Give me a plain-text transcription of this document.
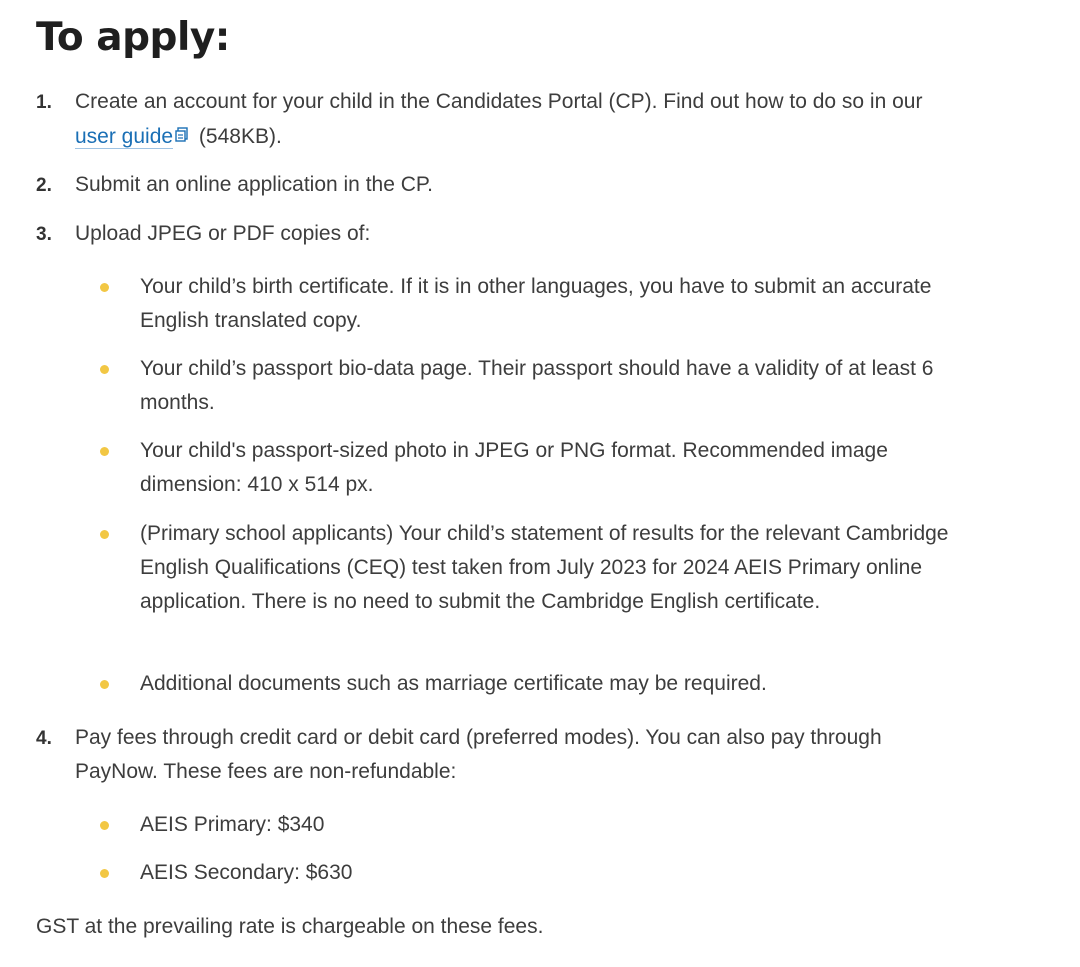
To apply:
1. Create an account for your child in the Candidates Portal (CP). Find out how to do so in our user guide (548KB).
2. Submit an online application in the CP.
3. Upload JPEG or PDF copies of:
Your child’s birth certificate. If it is in other languages, you have to submit an accurate English translated copy.
Your child’s passport bio-data page. Their passport should have a validity of at least 6 months.
Your child's passport-sized photo in JPEG or PNG format. Recommended image dimension: 410 x 514 px.
(Primary school applicants) Your child’s statement of results for the relevant Cambridge English Qualifications (CEQ) test taken from July 2023 for 2024 AEIS Primary online application. There is no need to submit the Cambridge English certificate.
Additional documents such as marriage certificate may be required.
4. Pay fees through credit card or debit card (preferred modes). You can also pay through PayNow. These fees are non-refundable:
AEIS Primary: $340
AEIS Secondary: $630
GST at the prevailing rate is chargeable on these fees.
